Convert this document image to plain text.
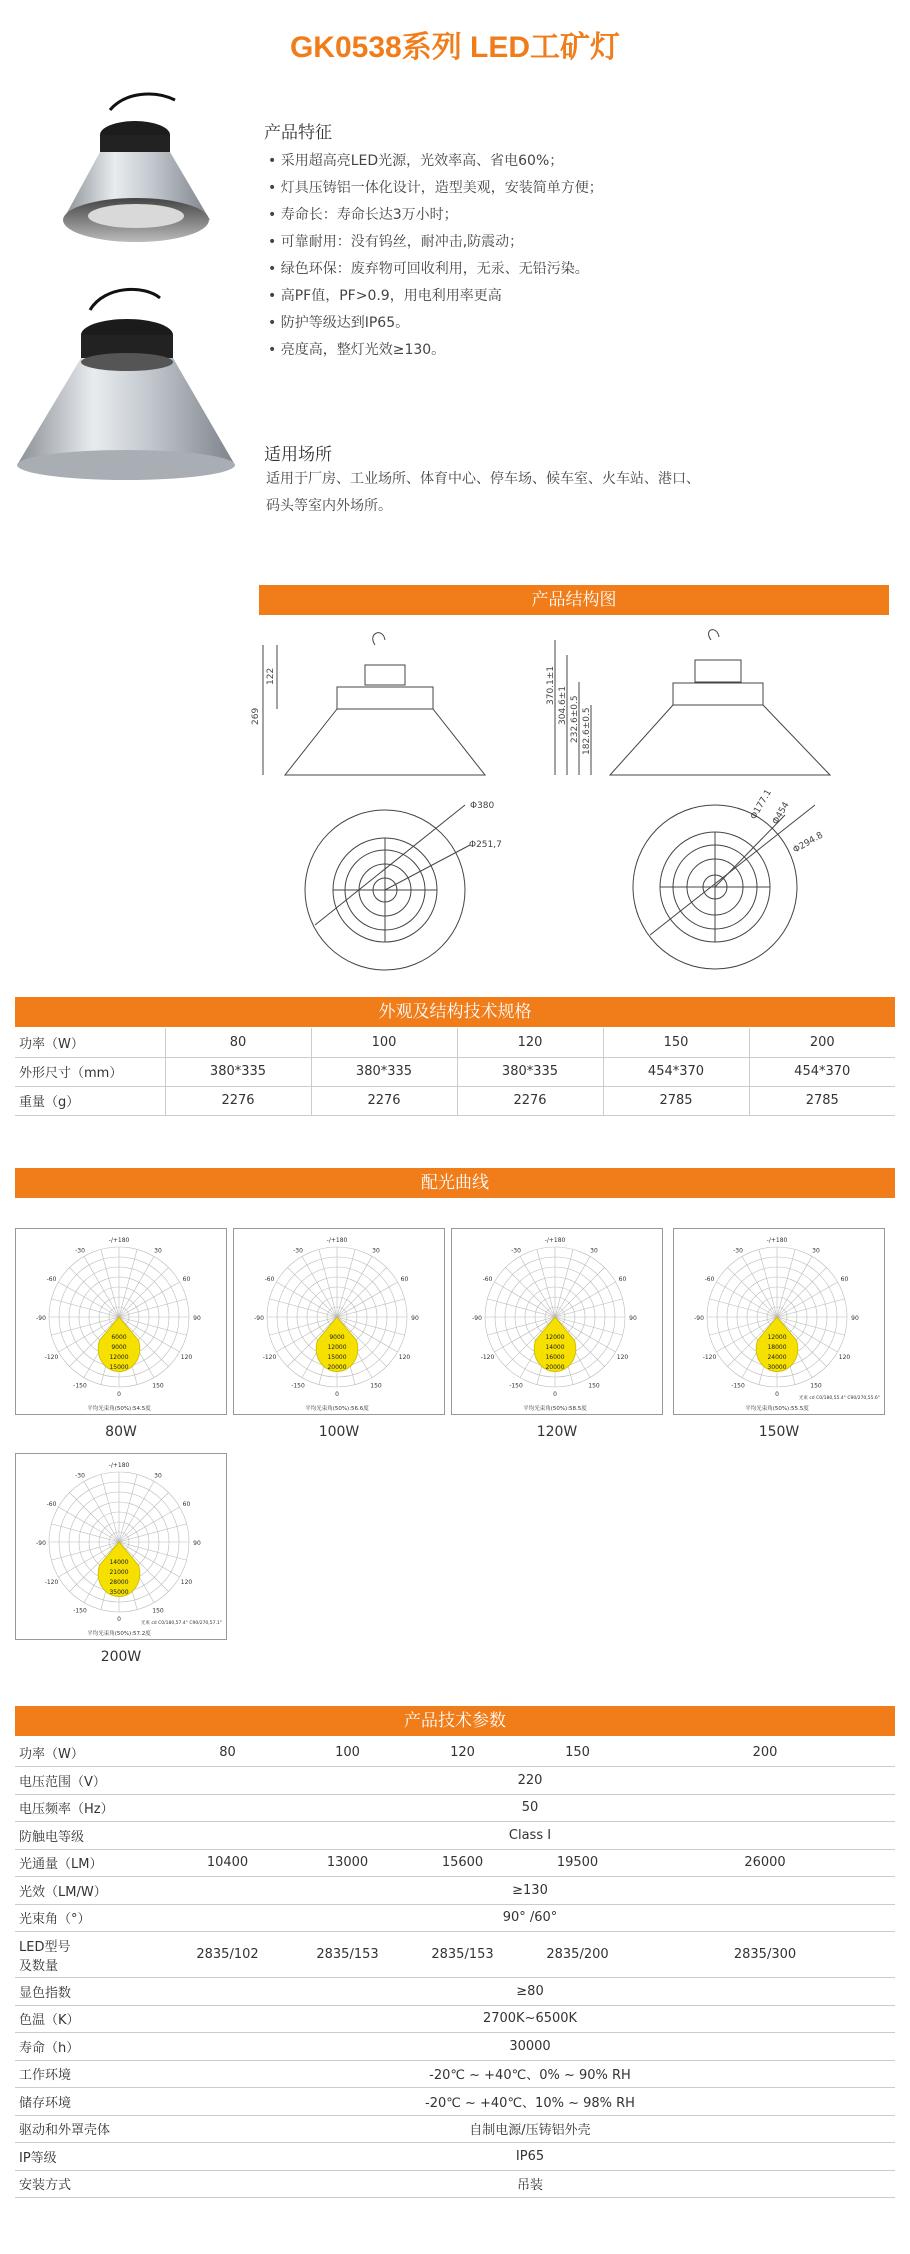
GK0538系列 LED工矿灯
产品特征
• 采用超高亮LED光源，光效率高、省电60%；
• 灯具压铸铝一体化设计，造型美观，安装简单方便；
• 寿命长：寿命长达3万小时；
• 可靠耐用：没有钨丝，耐冲击,防震动；
• 绿色环保：废弃物可回收利用，无汞、无铅污染。
• 高PF值，PF>0.9，用电利用率更高
• 防护等级达到IP65。
• 亮度高，整灯光效≥130。
适用场所
适用于厂房、工业场所、体育中心、停车场、候车室、火车站、港口、
码头等室内外场所。
产品结构图
269
122	370.1±1
304.6±1 232.6±0.5 182.6±0.5
Φ380
Φ251,7
Φ177.1
Φ454
Φ294.8
外观及结构技术规格
功率（W）	80	100	120	150	200
外形尺寸（mm）	380*335	380*335	380*335	454*370	454*370
重量（g）	2276	2276	2276	2785	2785
配光曲线
-/+180
-150	150
-120	120
-90	90
-60	60
-30	30
0
6000
9000
12000
15000
平均光束角(50%):54.5度
-/+180
-150	150
-120	120
-90	90
-60	60
-30	30
0
9000
12000
15000
20000
平均光束角(50%):56.6度
-/+180
-150	150
-120	120
-90	90
-60	60
-30	30
0
12000
14000
16000
20000
平均光束角(50%):58.5度
-/+180
-150	150
-120	120
-90	90
-60	60
-30	30
0
12000
18000
24000
30000
平均光束角(50%):55.5度
光束 cd C0/180,55.4° C90/270,55.6°
-/+180
-150	150
-120	120
-90	90
-60	60
-30	30
0
14000
21000
28000
35000
平均光束角(50%):57.2度
光束 cd C0/180,57.4° C90/270,57.1°
80W	100W	120W	150W
200W
产品技术参数
功率（W）	80	100	120	150	200

电压范围（V）	220				

电压频率（Hz）	50				

防触电等级	Class Ⅰ				

光通量（LM）	10400	13000	15600	19500	26000

光效（LM/W）	≥130				

光束角（°）	90° /60°				

LED型号
及数量	2835/102	2835/153	2835/153	2835/200	2835/300

显色指数	≥80				

色温（K）	2700K~6500K				

寿命（h）	30000				

工作环境	-20℃ ~ +40℃、0% ~ 90% RH				

储存环境	-20℃ ~ +40℃、10% ~ 98% RH				

驱动和外罩壳体	自制电源/压铸铝外壳				

IP等级	IP65				

安装方式	吊装				
